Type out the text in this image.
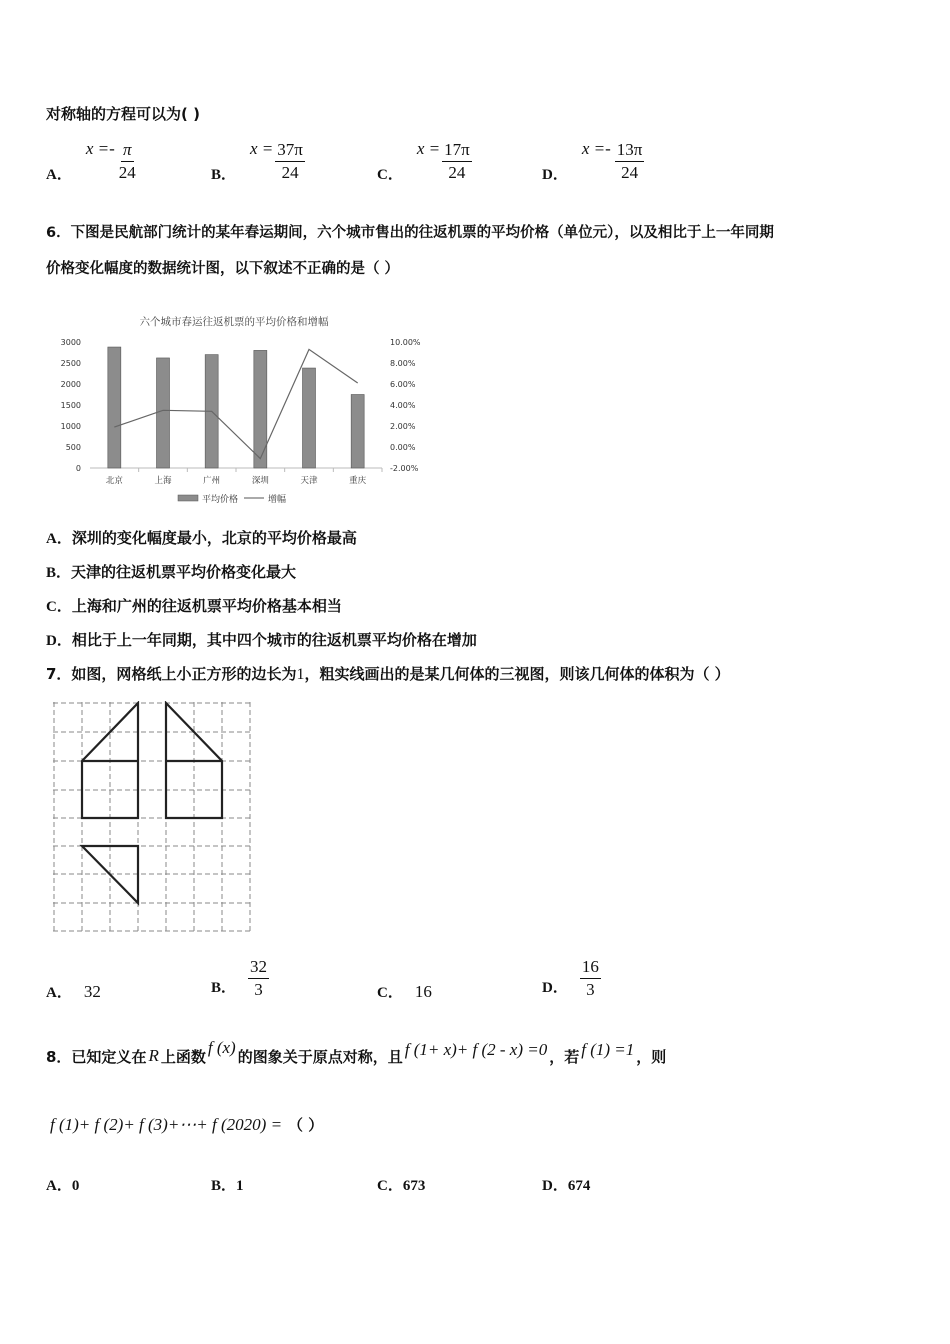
对称轴的方程可以为( )
A．
$x =- \frac{\pi}{24}$	B．
$x = \frac{37\pi}{24}$	C．
$x = \frac{17\pi}{24}$	D．
$x =- \frac{13\pi}{24}$
6．下图是民航部门统计的某年春运期间，六个城市售出的往返机票的平均价格（单位元），以及相比于上一年同期
价格变化幅度的数据统计图，以下叙述不正确的是（ ）
六个城市春运往返机票的平均价格和增幅
3000
2500
2000
1500
1000
500
0
10.00%
8.00%
6.00%
4.00%
2.00%
0.00%
-2.00%
北京	上海	广州	深圳	天津	重庆
平均价格	增幅
A．深圳的变化幅度最小，北京的平均价格最高
B．天津的往返机票平均价格变化最大
C．上海和广州的往返机票平均价格基本相当
D．相比于上一年同期，其中四个城市的往返机票平均价格在增加
7．如图，网格纸上小正方形的边长为1，粗实线画出的是某几何体的三视图，则该几何体的体积为（ ）
A． 32	B． $\frac{32}{3}$	C． 16	D． $\frac{16}{3}$
8．已知定义在 R 上函数 f (x) 的图象关于原点对称，且 f (1+ x)+ f (2 - x) =0 ，若 f (1) =1 ，则
f (1)+ f (2)+ f (3)+⋯+ f (2020) = （ ）
A．0	B．1	C．673	D．674
